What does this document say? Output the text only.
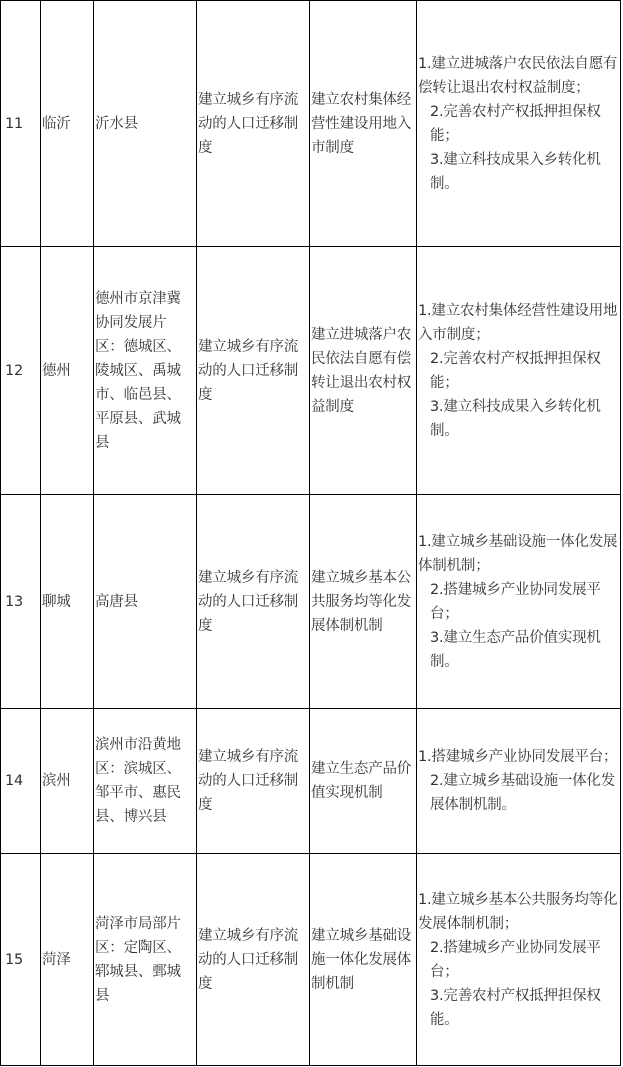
11	临沂	沂水县	建立城乡有序流动的人口迁移制度	建立农村集体经营性建设用地入市制度	1.建立进城落户农民依法自愿有偿转让退出农村权益制度；
2.完善农村产权抵押担保权能；
3.建立科技成果入乡转化机制。

12	德州	德州市京津冀协同发展片区：德城区、陵城区、禹城市、临邑县、平原县、武城县	建立城乡有序流动的人口迁移制度	建立进城落户农民依法自愿有偿转让退出农村权益制度	1.建立农村集体经营性建设用地入市制度；
2.完善农村产权抵押担保权能；
3.建立科技成果入乡转化机制。

13	聊城	高唐县	建立城乡有序流动的人口迁移制度	建立城乡基本公共服务均等化发展体制机制	1.建立城乡基础设施一体化发展体制机制；
2.搭建城乡产业协同发展平台；
3.建立生态产品价值实现机制。

14	滨州	滨州市沿黄地区：滨城区、邹平市、惠民县、博兴县	建立城乡有序流动的人口迁移制度	建立生态产品价值实现机制	1.搭建城乡产业协同发展平台；
2.建立城乡基础设施一体化发展体制机制。

15	菏泽	菏泽市局部片区：定陶区、郓城县、鄄城县	建立城乡有序流动的人口迁移制度	建立城乡基础设施一体化发展体制机制	1.建立城乡基本公共服务均等化发展体制机制；
2.搭建城乡产业协同发展平台；
3.完善农村产权抵押担保权能。
